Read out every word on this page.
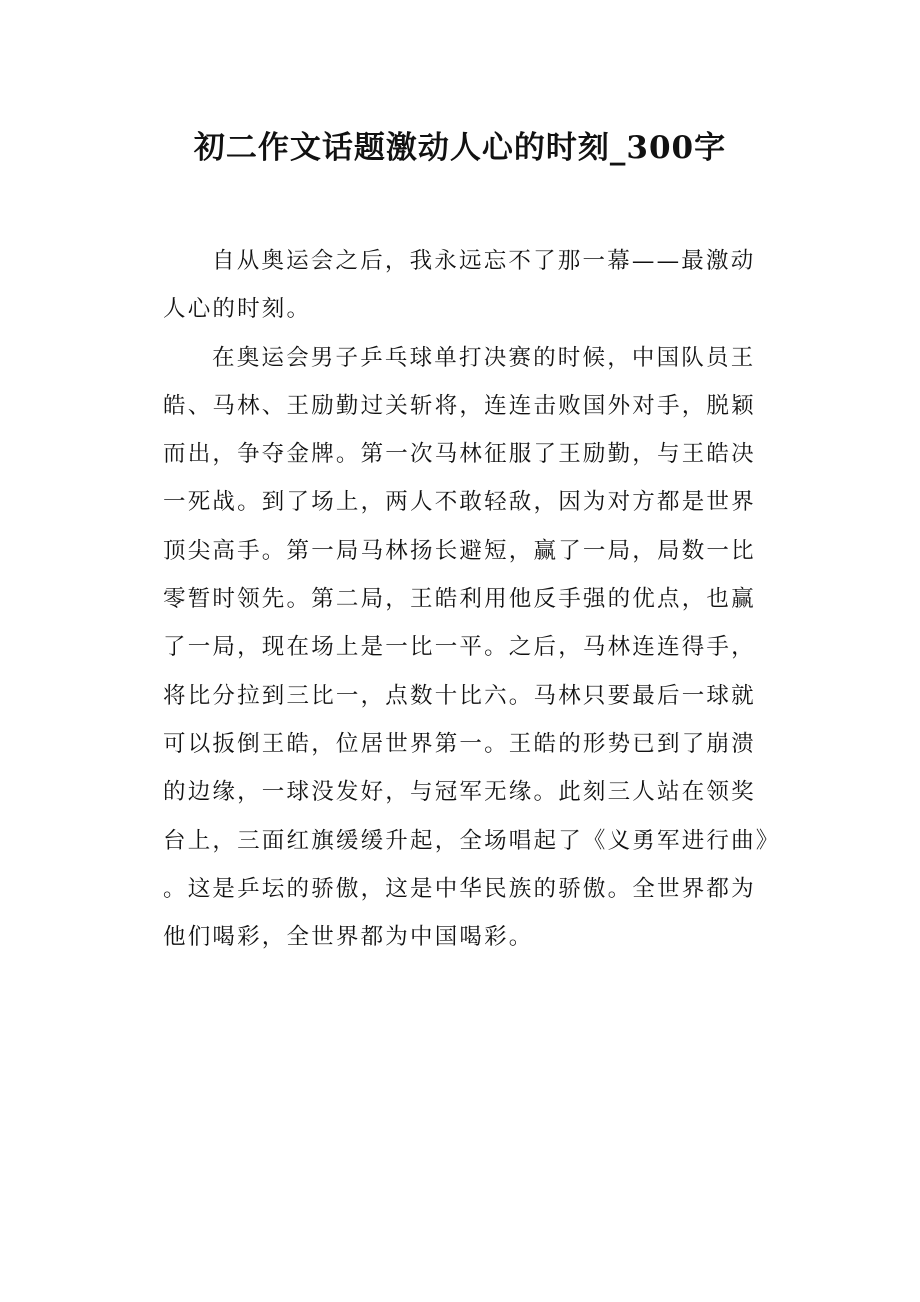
初二作文话题激动人心的时刻_300字

自从奥运会之后，我永远忘不了那一幕——最激动人心的时刻。

在奥运会男子乒乓球单打决赛的时候，中国队员王皓、马林、王励勤过关斩将，连连击败国外对手，脱颖而出，争夺金牌。第一次马林征服了王励勤，与王皓决一死战。到了场上，两人不敢轻敌，因为对方都是世界顶尖高手。第一局马林扬长避短，赢了一局，局数一比零暂时领先。第二局，王皓利用他反手强的优点，也赢了一局，现在场上是一比一平。之后，马林连连得手，将比分拉到三比一，点数十比六。马林只要最后一球就可以扳倒王皓，位居世界第一。王皓的形势已到了崩溃的边缘，一球没发好，与冠军无缘。此刻三人站在领奖台上，三面红旗缓缓升起，全场唱起了《义勇军进行曲》。这是乒坛的骄傲，这是中华民族的骄傲。全世界都为他们喝彩，全世界都为中国喝彩。
